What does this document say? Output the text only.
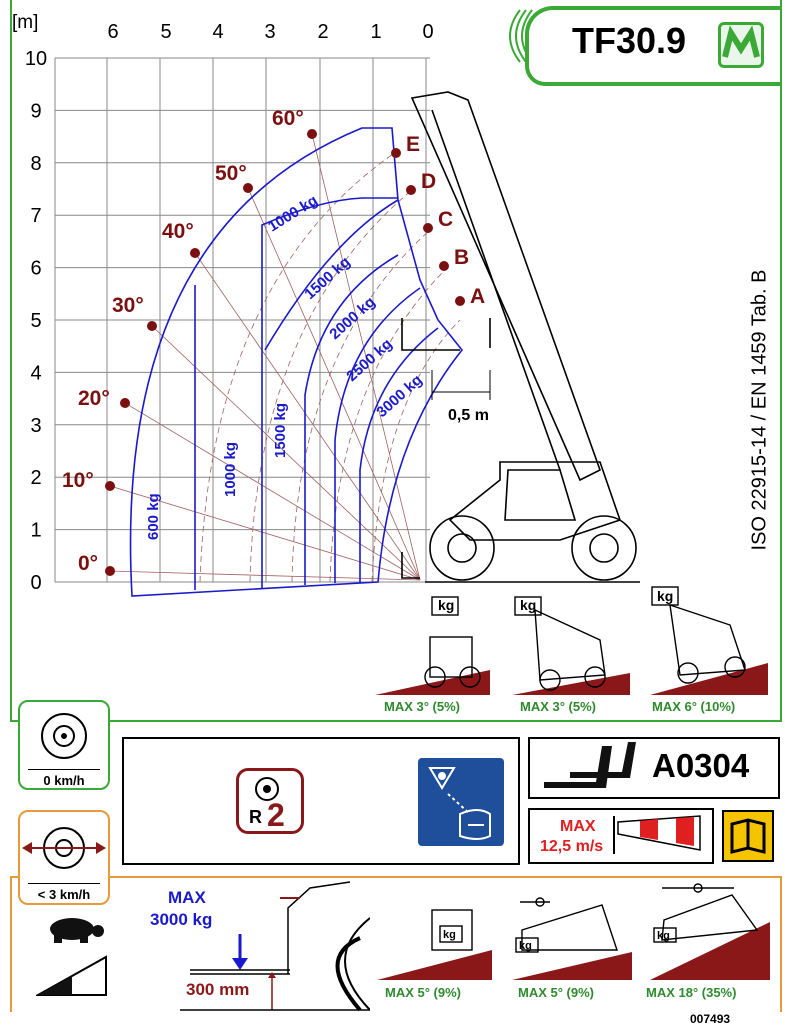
TF30.9
ISO 22915-14 / EN 1459 Tab. B
0
1
2
3
4
5
6
7
8
9
10
6 5 4 3 2 1 0
[m]
0°
10°
20°
30°
40°
50°
60°
A
B
C
D
E
600 kg
1000 kg
1500 kg
1000 kg
1500 kg
2000 kg
2500 kg
3000 kg 0,5 m
kg	kg
kg
MAX 3° (5%)	MAX 3° (5%)	MAX 6° (10%)
0 km/h
R 2
A0304
MAX
12,5 m/s
< 3 km/h	MAX
3000 kg
300 mm
kg
kg
kg
MAX 5° (9%)	MAX 5° (9%)	MAX 18° (35%)
007493
